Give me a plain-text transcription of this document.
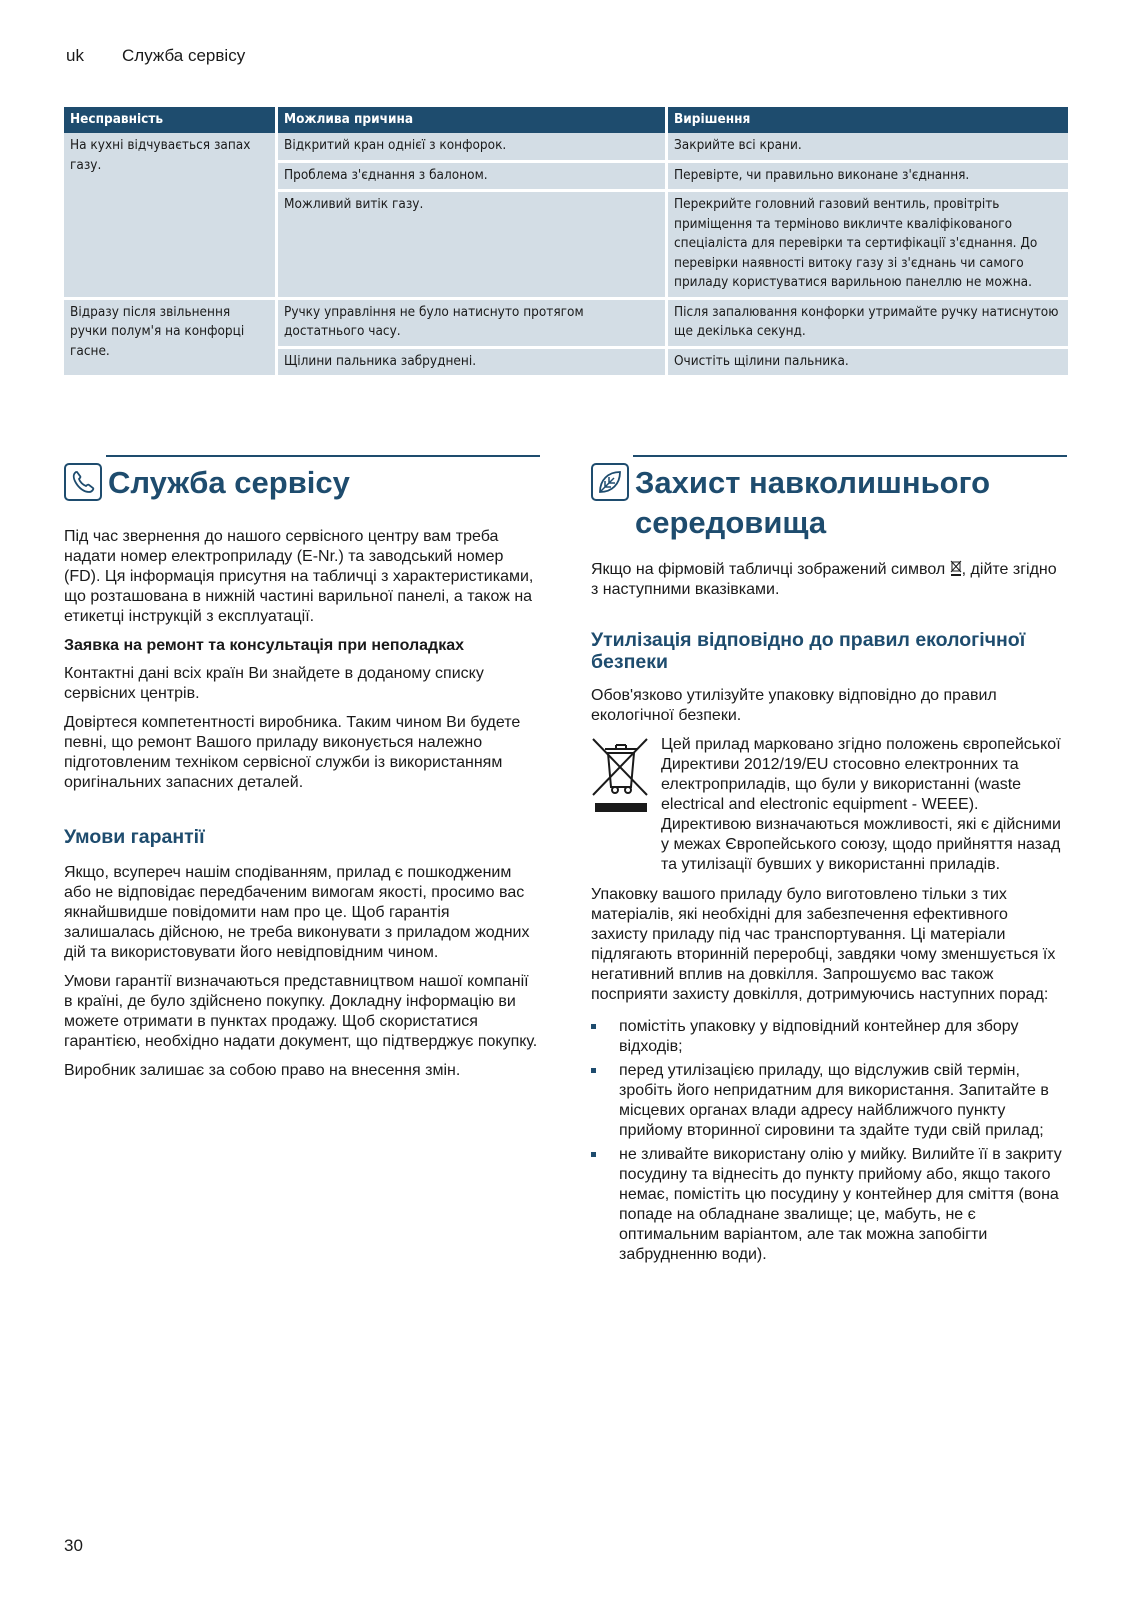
uk Служба сервісу
Несправність	Можлива причина	Вирішення
На кухні відчувається запах газу.	Відкритий кран однієї з конфорок.	Закрийте всі крани.
	Проблема з'єднання з балоном.	Перевірте, чи правильно виконане з'єднання.
	Можливий витік газу.	Перекрийте головний газовий вентиль, провітріть приміщення та терміново викличте кваліфікованого спеціаліста для перевірки та сертифікації з'єднання. До перевірки наявності витоку газу зі з'єднань чи самого приладу користуватися варильною панеллю не можна.
Відразу після звільнення ручки полум'я на конфорці гасне.	Ручку управління не було натиснуто протягом достатнього часу.	Після запалювання конфорки утримайте ручку натиснутою ще декілька секунд.
	Щілини пальника забруднені.	Очистіть щілини пальника.
Служба сервісу

Під час звернення до нашого сервісного центру вам треба надати номер електроприладу (E-Nr.) та заводський номер (FD). Ця інформація присутня на табличці з характеристиками, що розташована в нижній частині варильної панелі, а також на етикетці інструкцій з експлуатації.

Заявка на ремонт та консультація при неполадках

Контактні дані всіх країн Ви знайдете в доданому списку сервісних центрів.

Довіртеся компетентності виробника. Таким чином Ви будете певні, що ремонт Вашого приладу виконується належно підготовленим техніком сервісної служби із використанням оригінальних запасних деталей.

Умови гарантії

Якщо, всупереч нашім сподіванням, прилад є пошкодженим або не відповідає передбаченим вимогам якості, просимо вас якнайшвидше повідомити нам про це. Щоб гарантія залишалась дійсною, не треба виконувати з приладом жодних дій та використовувати його невідповідним чином.

Умови гарантії визначаються представництвом нашої компанії в країні, де було здійснено покупку. Докладну інформацію ви можете отримати в пунктах продажу. Щоб скористатися гарантією, необхідно надати документ, що підтверджує покупку.

Виробник залишає за собою право на внесення змін.

Захист навколишнього
середовища

Якщо на фірмовій табличці зображений символ , дійте згідно з наступними вказівками.

Утилізація відповідно до правил екологічної безпеки

Обов'язково утилізуйте упаковку відповідно до правил екологічної безпеки.

Цей прилад марковано згідно положень європейської Директиви 2012/19/EU стосовно електронних та електроприладів, що були у використанні (waste electrical and electronic equipment - WEEE).

Директивою визначаються можливості, які є дійсними у межах Європейського союзу, щодо прийняття назад та утилізації бувших у використанні приладів.

Упаковку вашого приладу було виготовлено тільки з тих матеріалів, які необхідні для забезпечення ефективного захисту приладу під час транспортування. Ці матеріали підлягають вторинній переробці, завдяки чому зменшується їх негативний вплив на довкілля. Запрошуємо вас також посприяти захисту довкілля, дотримуючись наступних порад:

помістіть упаковку у відповідний контейнер для збору відходів;
перед утилізацією приладу, що відслужив свій термін, зробіть його непридатним для використання. Запитайте в місцевих органах влади адресу найближчого пункту прийому вторинної сировини та здайте туди свій прилад;
не зливайте використану олію у мийку. Вилийте її в закриту посудину та віднесіть до пункту прийому або, якщо такого немає, помістіть цю посудину у контейнер для сміття (вона попаде на обладнане звалище; це, мабуть, не є оптимальним варіантом, але так можна запобігти забрудненню води).
30
